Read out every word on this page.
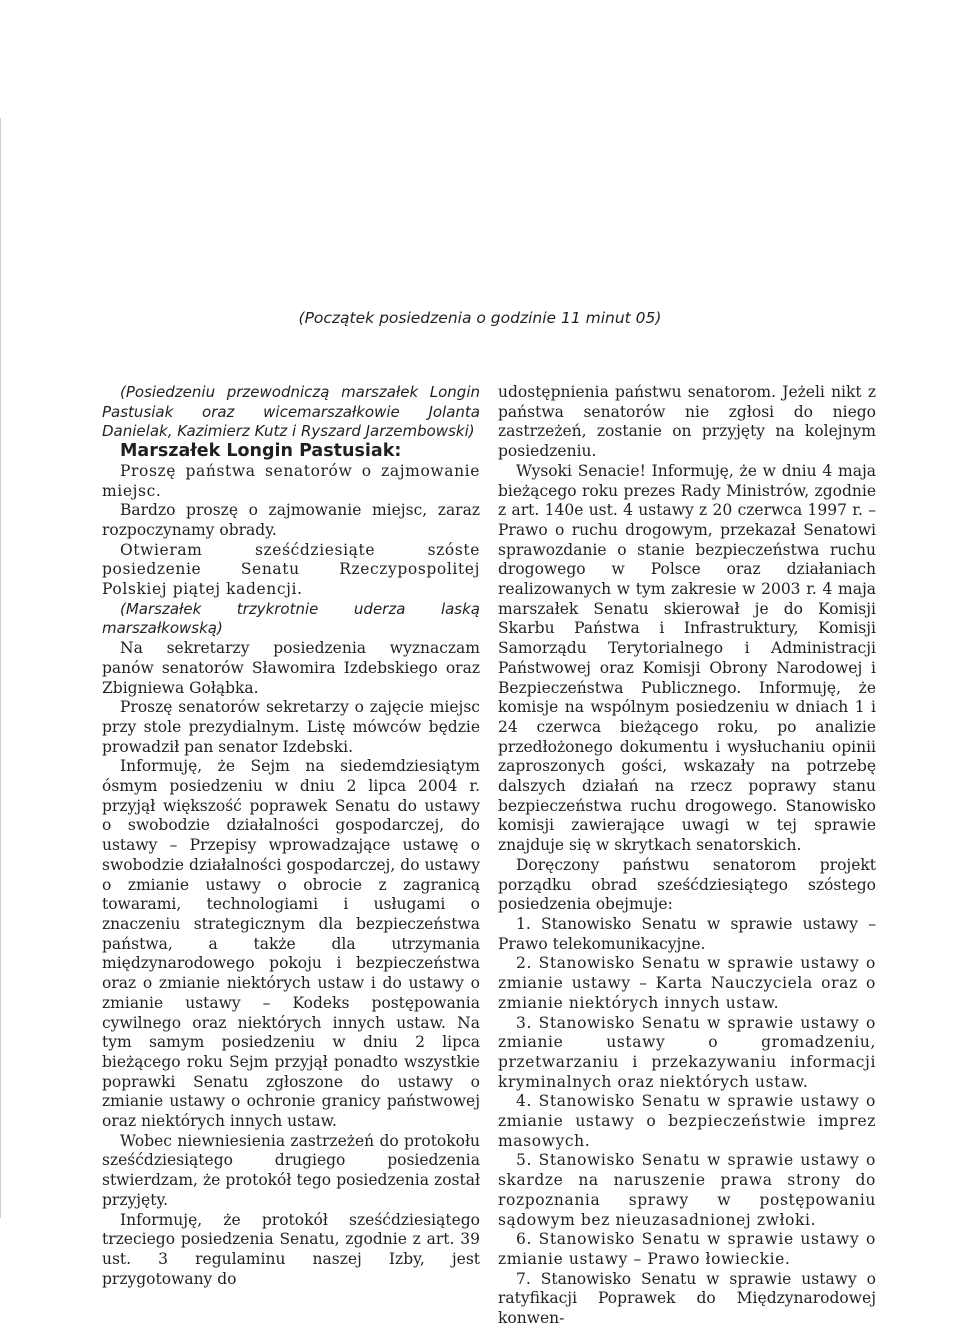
(Początek posiedzenia o godzinie 11 minut 05)

(Posiedzeniu przewodniczą marszałek Longin Pastusiak oraz wicemarszałkowie Jolanta Danielak, Kazimierz Kutz i Ryszard Jarzembowski)

Marszałek Longin Pastusiak:

Proszę państwa senatorów o zajmowanie miejsc.

Bardzo proszę o zajmowanie miejsc, zaraz rozpoczynamy obrady.

Otwieram sześćdziesiąte szóste posiedzenie Senatu Rzeczypospolitej Polskiej piątej kadencji.

(Marszałek trzykrotnie uderza laską marszałkowską)

Na sekretarzy posiedzenia wyznaczam panów senatorów Sławomira Izdebskiego oraz Zbigniewa Gołąbka.

Proszę senatorów sekretarzy o zajęcie miejsc przy stole prezydialnym. Listę mówców będzie prowadził pan senator Izdebski.

Informuję, że Sejm na siedemdziesiątym ósmym posiedzeniu w dniu 2 lipca 2004 r. przyjął większość poprawek Senatu do ustawy o swobodzie działalności gospodarczej, do ustawy – Przepisy wprowadzające ustawę o swobodzie działalności gospodarczej, do ustawy o zmianie ustawy o obrocie z zagranicą towarami, technologiami i usługami o znaczeniu strategicznym dla bezpieczeństwa państwa, a także dla utrzymania międzynarodowego pokoju i bezpieczeństwa oraz o zmianie niektórych ustaw i do ustawy o zmianie ustawy – Kodeks postępowania cywilnego oraz niektórych innych ustaw. Na tym samym posiedzeniu w dniu 2 lipca bieżącego roku Sejm przyjął ponadto wszystkie poprawki Senatu zgłoszone do ustawy o zmianie ustawy o ochronie granicy państwowej oraz niektórych innych ustaw.

Wobec niewniesienia zastrzeżeń do protokołu sześćdziesiątego drugiego posiedzenia stwierdzam, że protokół tego posiedzenia został przyjęty.

Informuję, że protokół sześćdziesiątego trzeciego posiedzenia Senatu, zgodnie z art. 39 ust. 3 regulaminu naszej Izby, jest przygotowany do

udostępnienia państwu senatorom. Jeżeli nikt z państwa senatorów nie zgłosi do niego zastrzeżeń, zostanie on przyjęty na kolejnym posiedzeniu.

Wysoki Senacie! Informuję, że w dniu 4 maja bieżącego roku prezes Rady Ministrów, zgodnie z art. 140e ust. 4 ustawy z 20 czerwca 1997 r. – Prawo o ruchu drogowym, przekazał Senatowi sprawozdanie o stanie bezpieczeństwa ruchu drogowego w Polsce oraz działaniach realizowanych w tym zakresie w 2003 r. 4 maja marszałek Senatu skierował je do Komisji Skarbu Państwa i Infrastruktury, Komisji Samorządu Terytorialnego i Administracji Państwowej oraz Komisji Obrony Narodowej i Bezpieczeństwa Publicznego. Informuję, że komisje na wspólnym posiedzeniu w dniach 1 i 24 czerwca bieżącego roku, po analizie przedłożonego dokumentu i wysłuchaniu opinii zaproszonych gości, wskazały na potrzebę dalszych działań na rzecz poprawy stanu bezpieczeństwa ruchu drogowego. Stanowisko komisji zawierające uwagi w tej sprawie znajduje się w skrytkach senatorskich.

Doręczony państwu senatorom projekt porządku obrad sześćdziesiątego szóstego posiedzenia obejmuje:

1. Stanowisko Senatu w sprawie ustawy – Prawo telekomunikacyjne.

2. Stanowisko Senatu w sprawie ustawy o zmianie ustawy – Karta Nauczyciela oraz o zmianie niektórych innych ustaw.

3. Stanowisko Senatu w sprawie ustawy o zmianie ustawy o gromadzeniu, przetwarzaniu i przekazywaniu informacji kryminalnych oraz niektórych ustaw.

4. Stanowisko Senatu w sprawie ustawy o zmianie ustawy o bezpieczeństwie imprez masowych.

5. Stanowisko Senatu w sprawie ustawy o skardze na naruszenie prawa strony do rozpoznania sprawy w postępowaniu sądowym bez nieuzasadnionej zwłoki.

6. Stanowisko Senatu w sprawie ustawy o zmianie ustawy – Prawo łowieckie.

7. Stanowisko Senatu w sprawie ustawy o ratyfikacji Poprawek do Międzynarodowej konwen-
